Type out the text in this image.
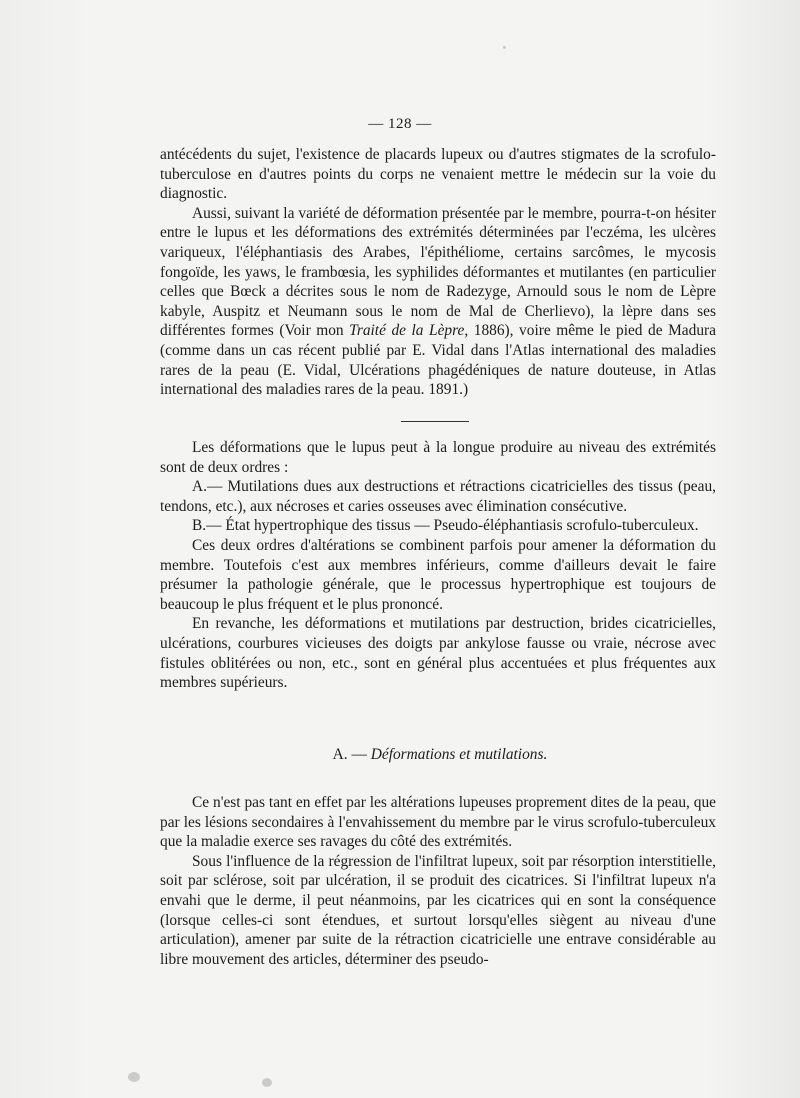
— 128 —

antécédents du sujet, l'existence de placards lupeux ou d'autres stigmates de la scrofulo-tuberculose en d'autres points du corps ne venaient mettre le médecin sur la voie du diagnostic.

Aussi, suivant la variété de déformation présentée par le membre, pourra-t-on hésiter entre le lupus et les déformations des extrémités déterminées par l'eczéma, les ulcères variqueux, l'éléphantiasis des Arabes, l'épithéliome, certains sarcômes, le mycosis fongoïde, les yaws, le frambœsia, les syphilides déformantes et mutilantes (en particulier celles que Bœck a décrites sous le nom de Radezyge, Arnould sous le nom de Lèpre kabyle, Auspitz et Neumann sous le nom de Mal de Cherlievo), la lèpre dans ses différentes formes (Voir mon Traité de la Lèpre, 1886), voire même le pied de Madura (comme dans un cas récent publié par E. Vidal dans l'Atlas international des maladies rares de la peau (E. Vidal, Ulcérations phagédéniques de nature douteuse, in Atlas international des maladies rares de la peau. 1891.)

Les déformations que le lupus peut à la longue produire au niveau des extrémités sont de deux ordres :

A.— Mutilations dues aux destructions et rétractions cicatricielles des tissus (peau, tendons, etc.), aux nécroses et caries osseuses avec élimination consécutive.

B.— État hypertrophique des tissus — Pseudo-éléphantiasis scrofulo-tuberculeux.

Ces deux ordres d'altérations se combinent parfois pour amener la déformation du membre. Toutefois c'est aux membres inférieurs, comme d'ailleurs devait le faire présumer la pathologie générale, que le processus hypertrophique est toujours de beaucoup le plus fréquent et le plus prononcé.

En revanche, les déformations et mutilations par destruction, brides cicatricielles, ulcérations, courbures vicieuses des doigts par ankylose fausse ou vraie, nécrose avec fistules oblitérées ou non, etc., sont en général plus accentuées et plus fréquentes aux membres supérieurs.

A. — Déformations et mutilations.

Ce n'est pas tant en effet par les altérations lupeuses proprement dites de la peau, que par les lésions secondaires à l'envahissement du membre par le virus scrofulo-tuberculeux que la maladie exerce ses ravages du côté des extrémités.

Sous l'influence de la régression de l'infiltrat lupeux, soit par résorption interstitielle, soit par sclérose, soit par ulcération, il se produit des cicatrices. Si l'infiltrat lupeux n'a envahi que le derme, il peut néanmoins, par les cicatrices qui en sont la conséquence (lorsque celles-ci sont étendues, et surtout lorsqu'elles siègent au niveau d'une articulation), amener par suite de la rétraction cicatricielle une entrave considérable au libre mouvement des articles, déterminer des pseudo-
